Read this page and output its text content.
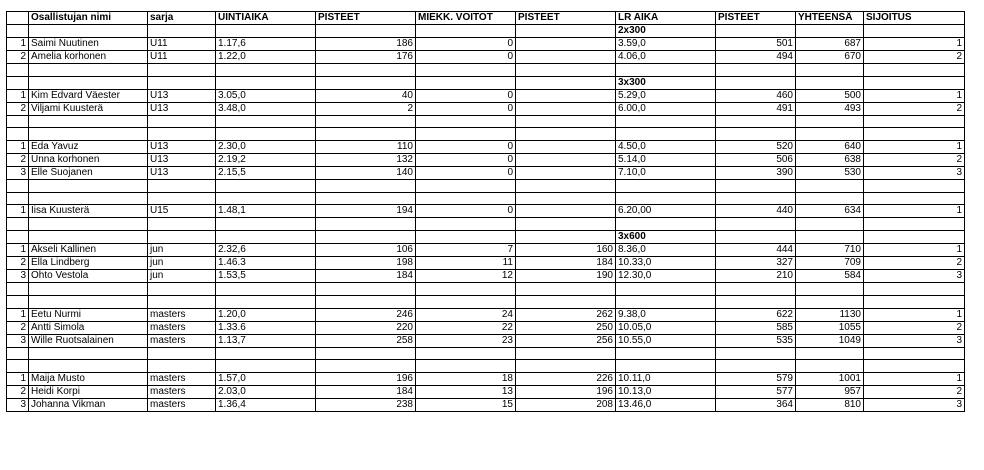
	Osallistujan nimi	sarja	UINTIAIKA	PISTEET	MIEKK. VOITOT	PISTEET	LR AIKA	PISTEET	YHTEENSÄ	SIJOITUS
							2x300			
1	Saimi Nuutinen	U11	1.17,6	186	0		3.59,0	501	687	1
2	Amelia korhonen	U11	1.22,0	176	0		4.06,0	494	670	2

							3x300			
1	Kim Edvard Väester	U13	3.05,0	40	0		5.29,0	460	500	1
2	Viljami Kuusterä	U13	3.48,0	2	0		6.00,0	491	493	2

1	Eda Yavuz	U13	2.30,0	110	0		4.50,0	520	640	1
2	Unna korhonen	U13	2.19,2	132	0		5.14,0	506	638	2
3	Elle Suojanen	U13	2.15,5	140	0		7.10,0	390	530	3

1	Iisa Kuusterä	U15	1.48,1	194	0		6.20,00	440	634	1

							3x600			
1	Akseli Kallinen	jun	2.32,6	106	7	160	8.36,0	444	710	1
2	Ella Lindberg	jun	1.46.3	198	11	184	10.33,0	327	709	2
3	Ohto Vestola	jun	1.53,5	184	12	190	12.30,0	210	584	3

1	Eetu Nurmi	masters	1.20,0	246	24	262	9.38,0	622	1130	1
2	Antti Simola	masters	1.33.6	220	22	250	10.05,0	585	1055	2
3	Wille Ruotsalainen	masters	1.13,7	258	23	256	10.55,0	535	1049	3

1	Maija Musto	masters	1.57,0	196	18	226	10.11,0	579	1001	1
2	Heidi Korpi	masters	2.03,0	184	13	196	10.13,0	577	957	2
3	Johanna Vikman	masters	1.36,4	238	15	208	13.46,0	364	810	3
